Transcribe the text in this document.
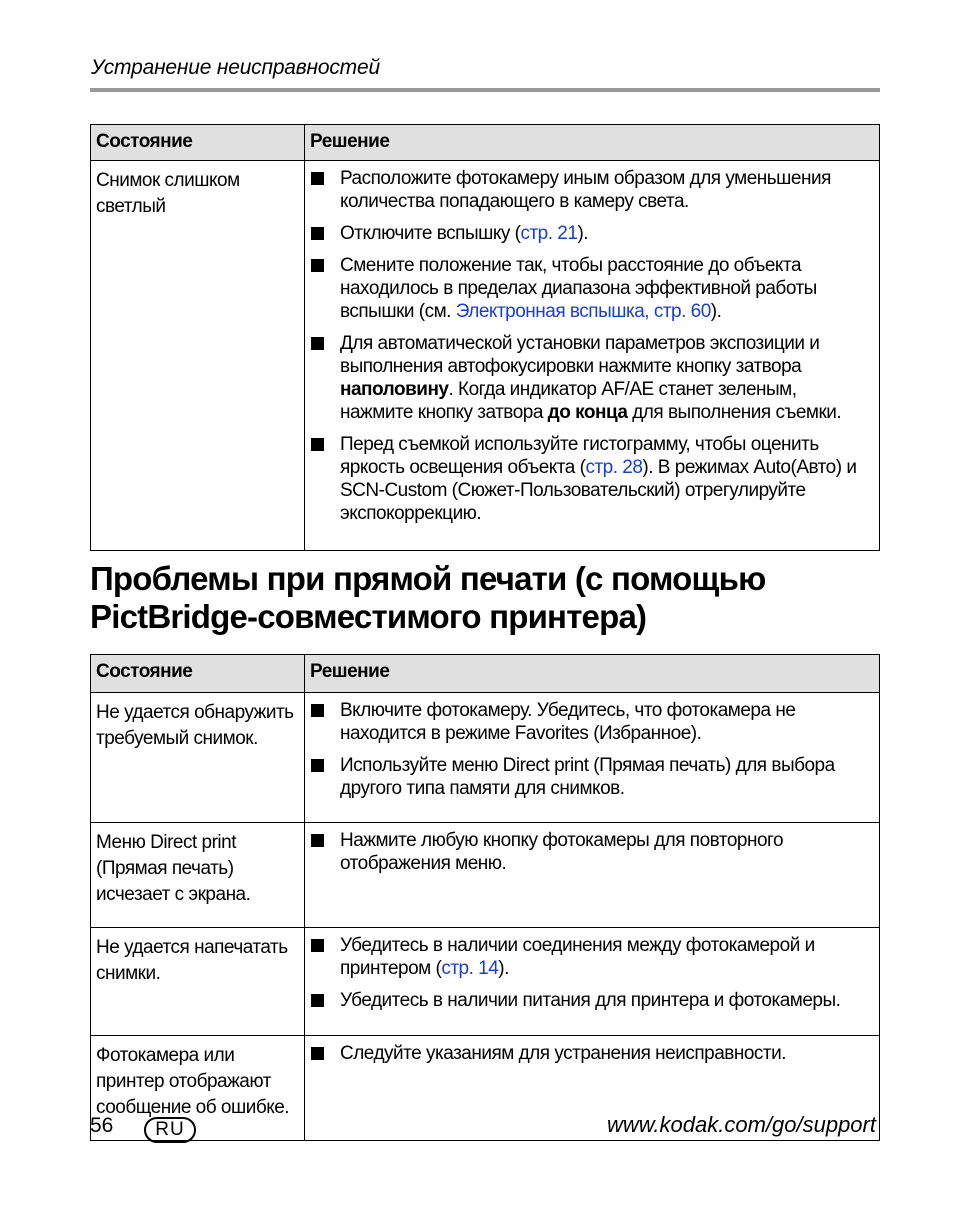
Устранение неисправностей
Состояние	Решение
Снимок слишком светлый	Расположите фотокамеру иным образом для уменьшения количества попадающего в камеру света.
Отключите вспышку (стр. 21).
Смените положение так, чтобы расстояние до объекта находилось в пределах диапазона эффективной работы вспышки (см. Электронная вспышка, стр. 60).
Для автоматической установки параметров экспозиции и выполнения автофокусировки нажмите кнопку затвора наполовину. Когда индикатор AF/AE станет зеленым, нажмите кнопку затвора до конца для выполнения съемки.
Перед съемкой используйте гистограмму, чтобы оценить яркость освещения объекта (стр. 28). В режимах Auto(Авто) и SCN-Custom (Сюжет-Пользовательский) отрегулируйте экспокоррекцию.
Проблемы при прямой печати (с помощью PictBridge-совместимого принтера)
Состояние	Решение
Не удается обнаружить требуемый снимок.	Включите фотокамеру. Убедитесь, что фотокамера не находится в режиме Favorites (Избранное).
Используйте меню Direct print (Прямая печать) для выбора другого типа памяти для снимков.

Меню Direct print (Прямая печать) исчезает с экрана.	Нажмите любую кнопку фотокамеры для повторного отображения меню.

Не удается напечатать снимки.	Убедитесь в наличии соединения между фотокамерой и принтером (стр. 14).
Убедитесь в наличии питания для принтера и фотокамеры.

Фотокамера или принтер отображают сообщение об ошибке.	Следуйте указаниям для устранения неисправности.
56	RU	www.kodak.com/go/support
